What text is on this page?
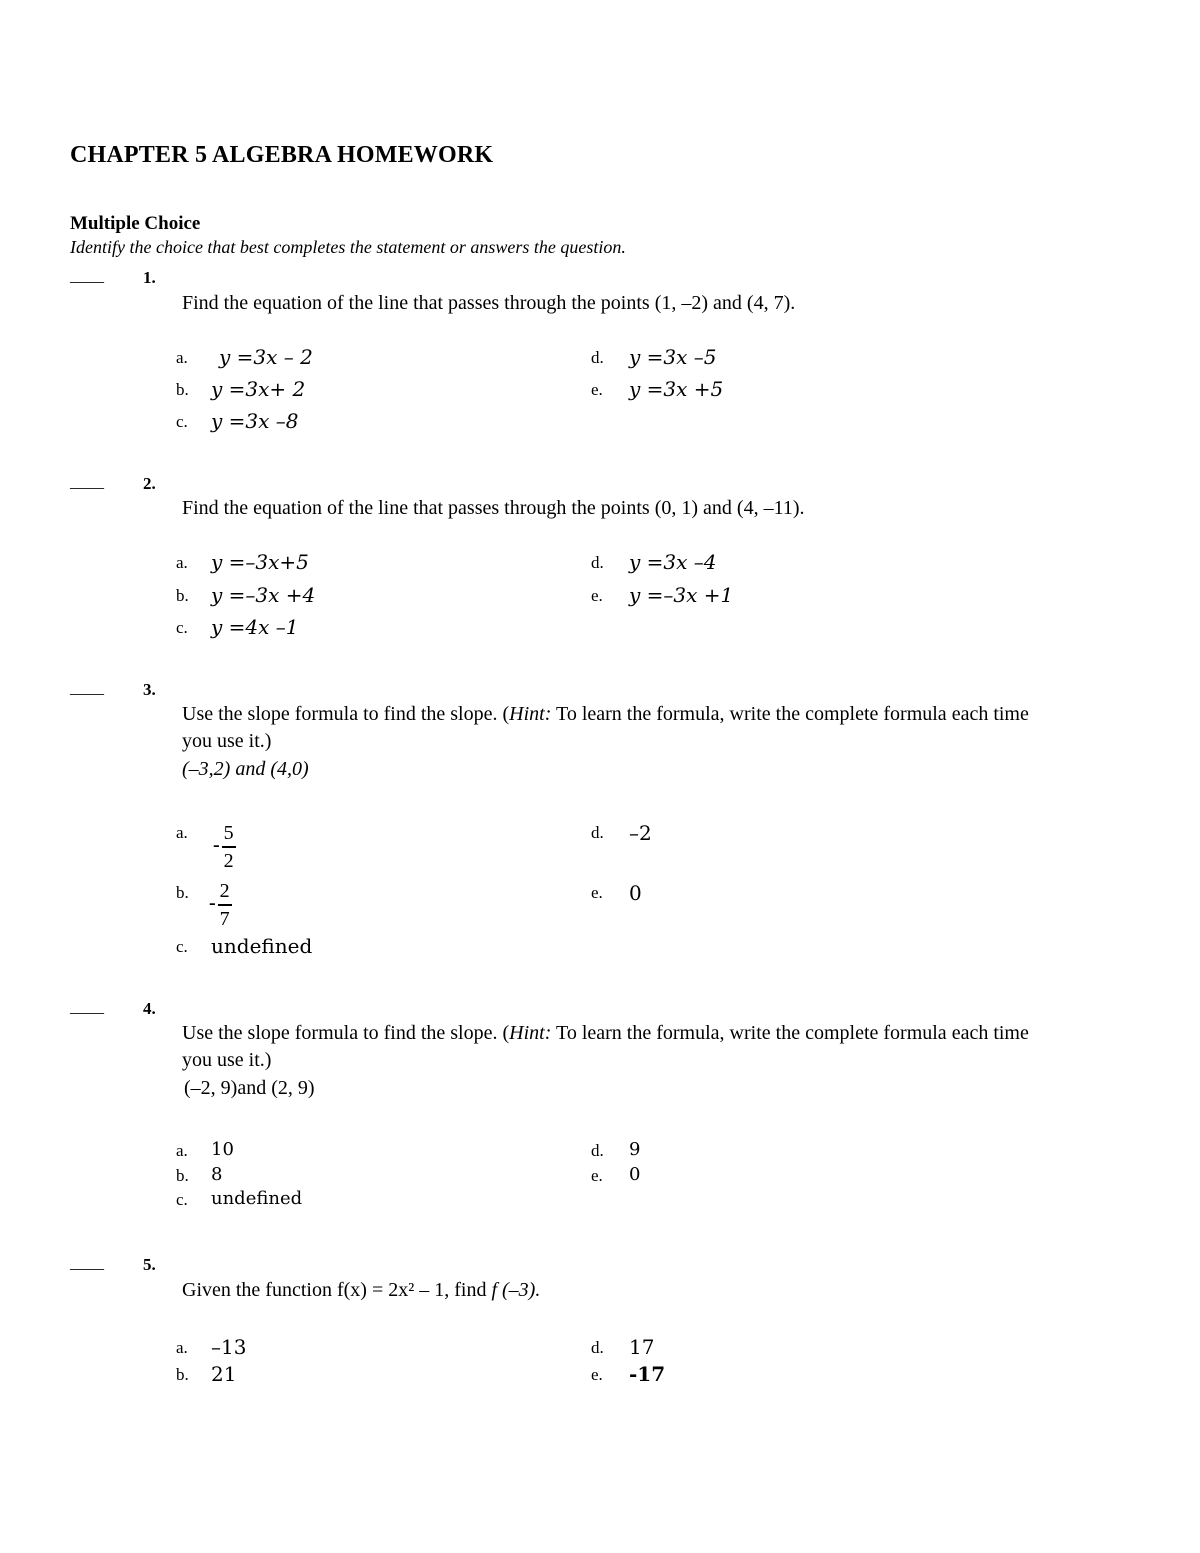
CHAPTER 5 ALGEBRA HOMEWORK
Multiple Choice
Identify the choice that best completes the statement or answers the question.
____ 1.
Find the equation of the line that passes through the points (1, –2) and (4, 7).
a. y =3x – 2	d. y =3x –5
b. y =3x+ 2	e. y =3x +5
c. y =3x –8
____ 2.
Find the equation of the line that passes through the points (0, 1) and (4, –11).
a. y =–3x+5	d. y =3x –4
b. y =–3x +4	e. y =–3x +1
c. y =4x –1
____ 3.
Use the slope formula to find the slope. (Hint: To learn the formula, write the complete formula each time you use it.)
(–3,2) and (4,0)
a.
- $\frac{5}{2}$	d. –2
b. - $\frac{2}{7}$	e. 0
c. undefined
____ 4.
Use the slope formula to find the slope. (Hint: To learn the formula, write the complete formula each time you use it.)
(–2, 9)and (2, 9)
a. 10	d. 9
b. 8	e. 0
c. undefined
____ 5.
Given the function f(x) = 2x² – 1, find f (–3).
a. –13	d. 17
b. 21	e. -17
